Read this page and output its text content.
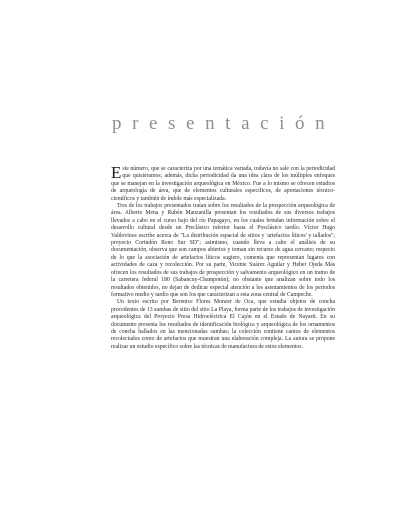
presentación

Este número, que se caracteriza por una temática variada, todavía no sale con la periodicidad que quisiéramos; además, dicha periodicidad da una idea clara de los múltiples enfoques que se manejan en la investigación arqueológica en México. Fue a lo mismo se ofrecen estudios de arqueología de área, que de elementos culturales específicos, de aportaciones técnico-científicos y también de índole más especializada.

Tres de los trabajos presentados tratan sobre los resultados de la prospección arqueológica de área. Alberto Mena y Rubén Manzanilla presentan los resultados de sus diversos trabajos llevados a cabo en el curso bajo del río Papagayo, en los cuales brindan información sobre el desarrollo cultural desde un Preclásico inferior hasta el Posclásico tardío. Víctor Hugo Valdovinos escribe acerca de "La distribución espacial de sitios y 'artefactos líticos' y tallados"; proyecto Corindón Reno Sur SD"; asimismo, cuando lleva a cabo el análisis de su documentación, observa que son campos abiertos y toman sin recurso de agua cercano; respecto de lo que la asociación de artefactos líticos sugiere, comenta que representan lugares con actividades de caza y recolección. Por su parte, Vicente Suárez Aguilar y Heber Ojeda Más ofrecen los resultados de sus trabajos de prospección y salvamento arqueológico en un tramo de la carretera federal 180 (Sabancuy-Champotón); no obstante que analizan sobre todo los resultados obtenidos, no dejan de dedicar especial atención a los asentamientos de los periodos formativo medio y tardío que son los que caracterizan a esta zona central de Campeche.

Un texto escrito por Berenice Flores Monzer de Oca, que estudia objetos de concha procedentes de 13 sumbas de sitio del sitio La Playa, forma parte de los trabajos de investigación arqueológica del Proyecto Presa Hidroeléctrica El Cajón en el Estado de Nayarit. En su documento presenta los resultados de identificación biológica y arqueológica de los ornamentos de concha hallados en las mencionadas sumbas; la colección contiene cantos de elementos recolectados como de artefactos que muestran una elaboración compleja. La autora se propone realizar un estudio específico sobre las técnicas de manufactura de estos elementos.
